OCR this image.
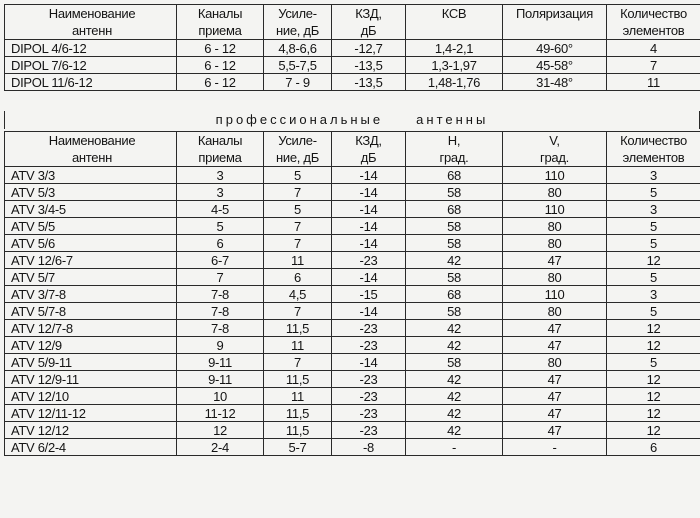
Наименование	Каналы	Усиле-	КЗД,	КСВ	Поляризация	Количество
антенн	приема	ние, дБ	дБ			элементов
DIPOL 4/6-12	6 - 12	4,8-6,6	-12,7	1,4-2,1	49-60°	4
DIPOL 7/6-12	6 - 12	5,5-7,5	-13,5	1,3-1,97	45-58°	7
DIPOL 11/6-12	6 - 12	7 - 9	-13,5	1,48-1,76	31-48°	11
профессиональные     антенны
Наименование	Каналы	Усиле-	КЗД,	H,	V,	Количество
антенн	приема	ние, дБ	дБ	град.	град.	элементов
ATV 3/3	3	5	-14	68	110	3
ATV 5/3	3	7	-14	58	80	5
ATV 3/4-5	4-5	5	-14	68	110	3
ATV 5/5	5	7	-14	58	80	5
ATV 5/6	6	7	-14	58	80	5
ATV 12/6-7	6-7	11	-23	42	47	12
ATV 5/7	7	6	-14	58	80	5
ATV 3/7-8	7-8	4,5	-15	68	110	3
ATV 5/7-8	7-8	7	-14	58	80	5
ATV 12/7-8	7-8	11,5	-23	42	47	12
ATV 12/9	9	11	-23	42	47	12
ATV 5/9-11	9-11	7	-14	58	80	5
ATV 12/9-11	9-11	11,5	-23	42	47	12
ATV 12/10	10	11	-23	42	47	12
ATV 12/11-12	11-12	11,5	-23	42	47	12
ATV 12/12	12	11,5	-23	42	47	12
ATV 6/2-4	2-4	5-7	-8	-	-	6
